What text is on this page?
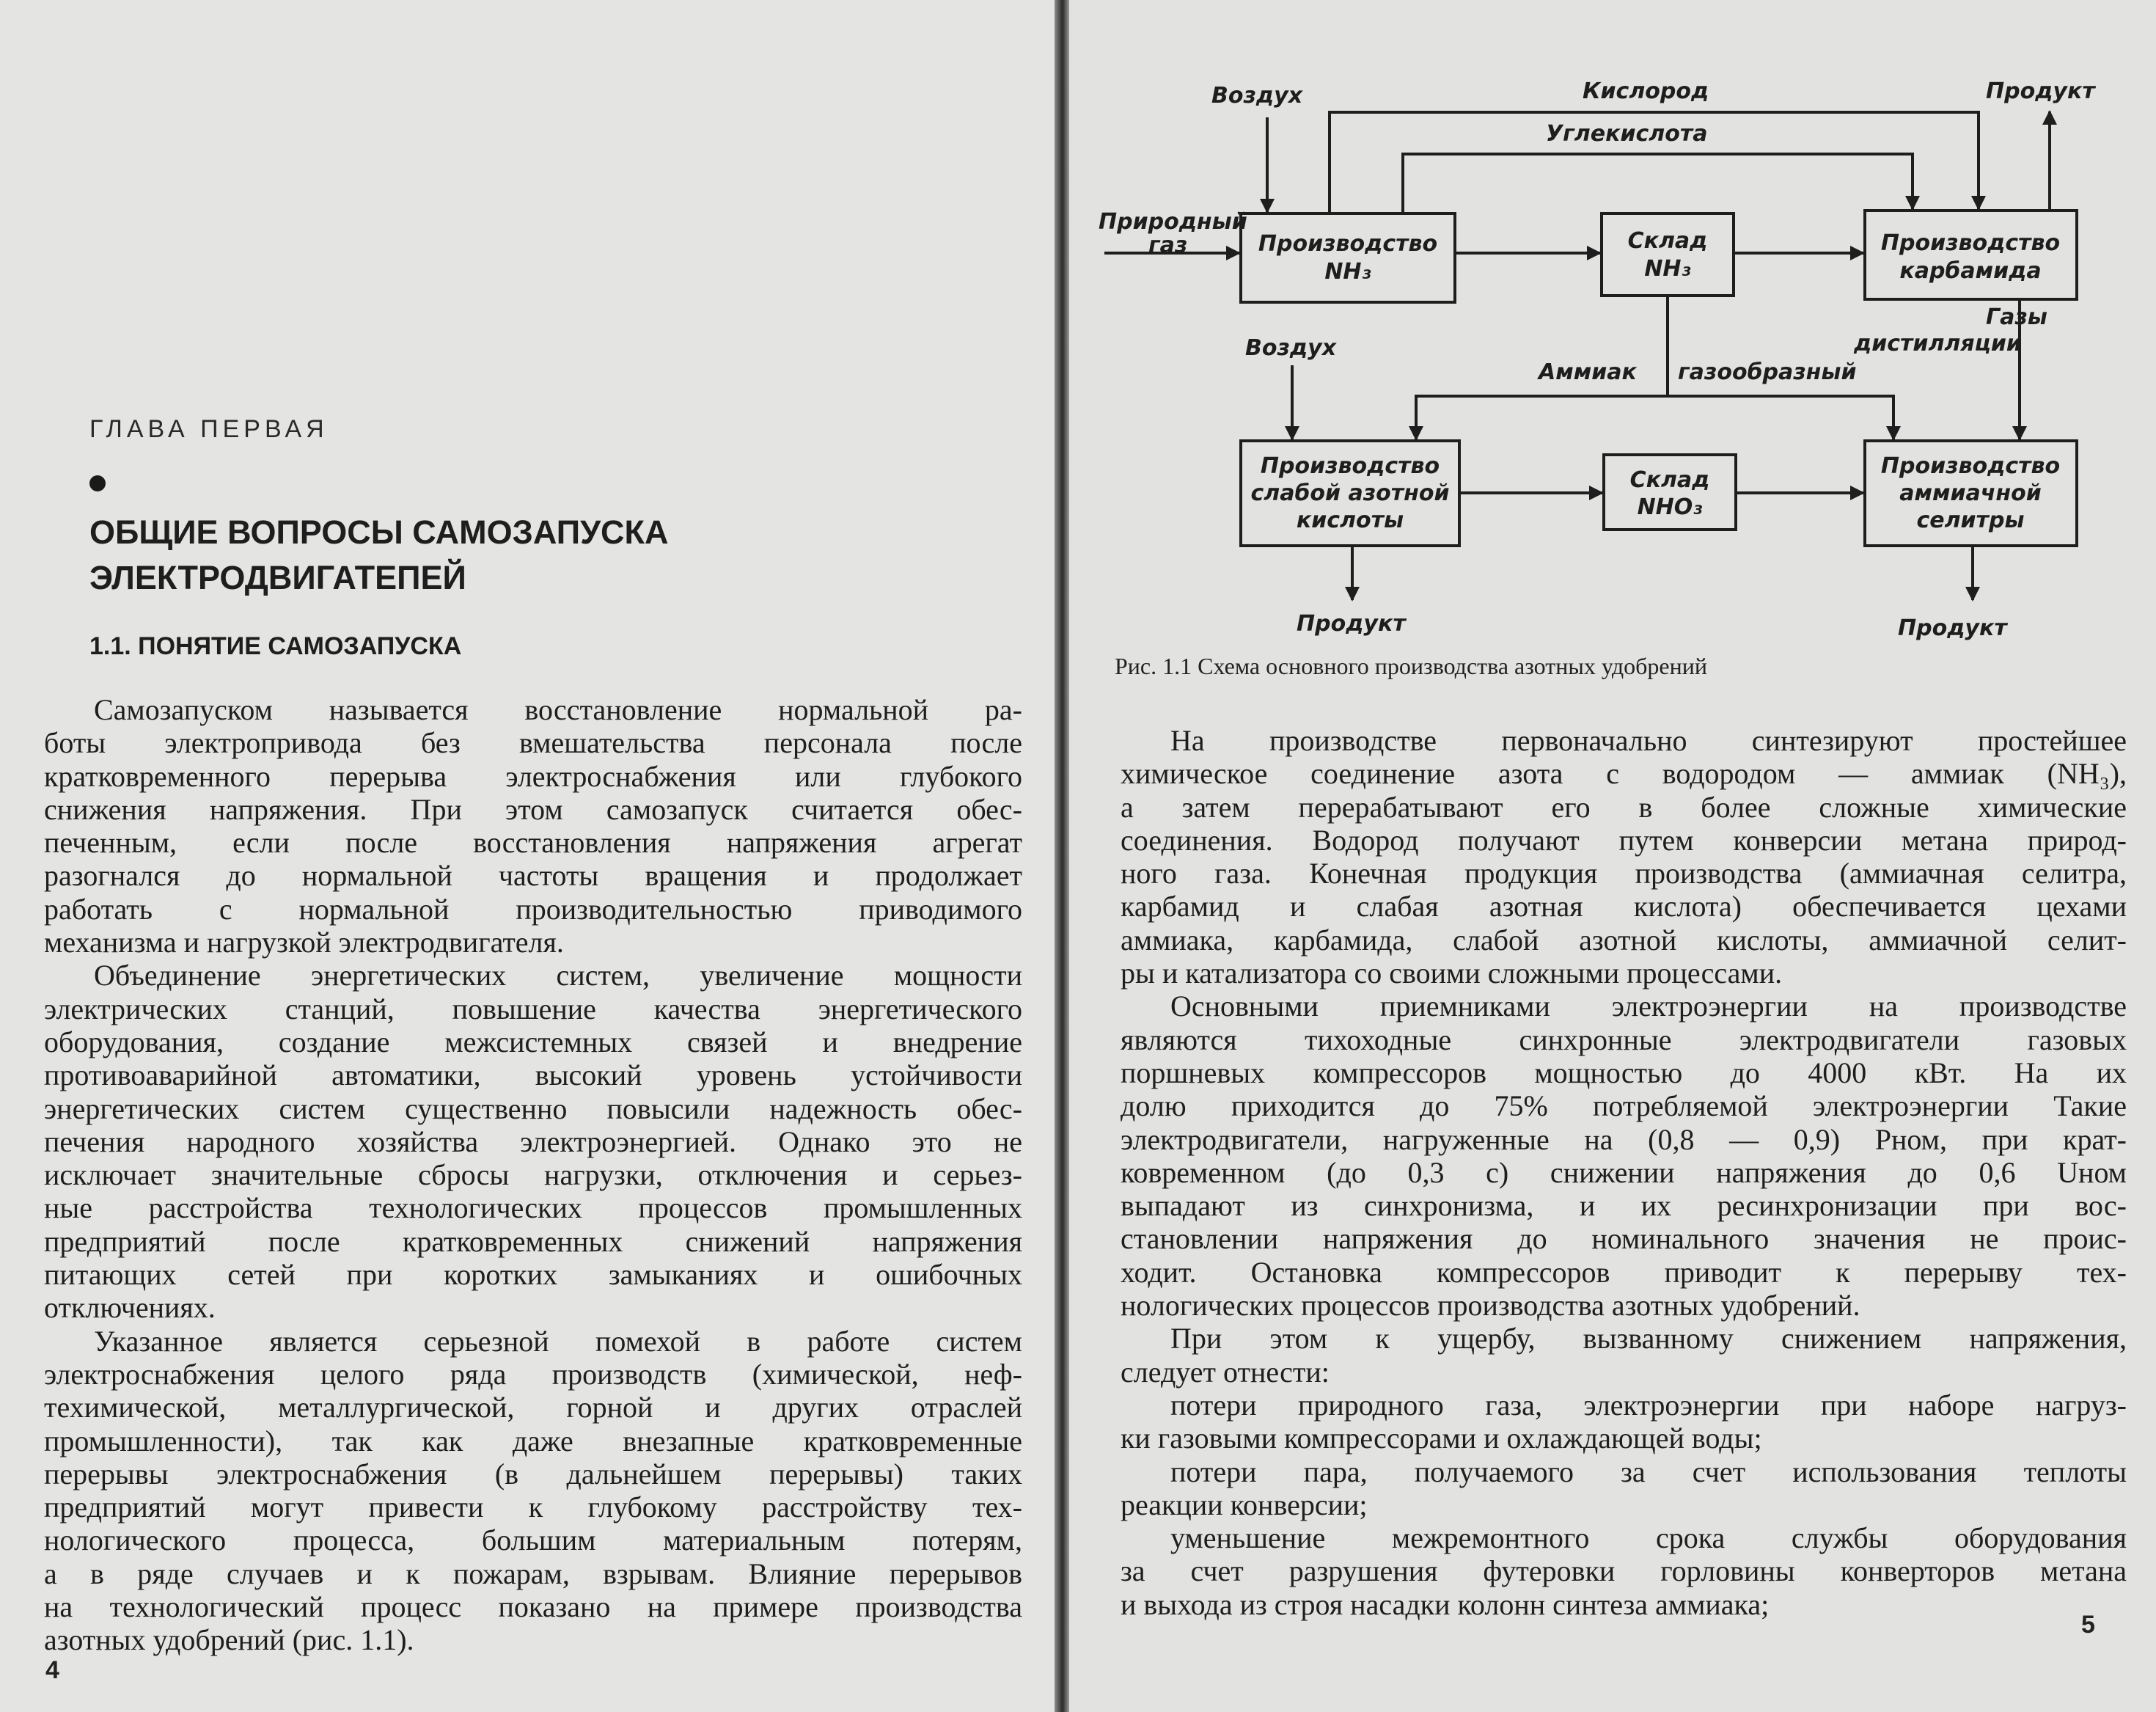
ГЛАВА ПЕРВАЯ
ОБЩИЕ ВОПРОСЫ САМОЗАПУСКА
ЭЛЕКТРОДВИГАТЕПЕЙ
1.1. ПОНЯТИЕ САМОЗАПУСКА

Самозапуском называется восстановление нормальной ра-
боты электропривода без вмешательства персонала после
кратковременного перерыва электроснабжения или глубокого
снижения напряжения. При этом самозапуск считается обес-
печенным, если после восстановления напряжения агрегат
разогнался до нормальной частоты вращения и продолжает
работать с нормальной производительностью приводимого
механизма и нагрузкой электродвигателя.

Объединение энергетических систем, увеличение мощности
электрических станций, повышение качества энергетического
оборудования, создание межсистемных связей и внедрение
противоаварийной автоматики, высокий уровень устойчивости
энергетических систем существенно повысили надежность обес-
печения народного хозяйства электроэнергией. Однако это не
исключает значительные сбросы нагрузки, отключения и серьез-
ные расстройства технологических процессов промышленных
предприятий после кратковременных снижений напряжения
питающих сетей при коротких замыканиях и ошибочных
отключениях.

Указанное является серьезной помехой в работе систем
электроснабжения целого ряда производств (химической, неф-
техимической, металлургической, горной и других отраслей
промышленности), так как даже внезапные кратковременные
перерывы электроснабжения (в дальнейшем перерывы) таких
предприятий могут привести к глубокому расстройству тех-
нологического процесса, большим материальным потерям,
а в ряде случаев и к пожарам, взрывам. Влияние перерывов
на технологический процесс показано на примере производства
азотных удобрений (рис. 1.1).

4
Производство
NH₃
Склад
NH₃
Производство
карбамида
Производство
слабой азотной
кислоты
Склад
NHO₃
Производство
аммиачной
селитры
Воздух	Кислород	Продукт
Углекислота
Природный
газ
Воздух
Аммиак газообразный
Газы
дистилляции
Продукт	Продукт
Рис. 1.1 Схема основного производства азотных удобрений

На производстве первоначально синтезируют простейшее
химическое соединение азота с водородом — аммиак (NH₃),
а затем перерабатывают его в более сложные химические
соединения. Водород получают путем конверсии метана природ-
ного газа. Конечная продукция производства (аммиачная селитра,
карбамид и слабая азотная кислота) обеспечивается цехами
аммиака, карбамида, слабой азотной кислоты, аммиачной селит-
ры и катализатора со своими сложными процессами.

Основными приемниками электроэнергии на производстве
являются тихоходные синхронные электродвигатели газовых
поршневых компрессоров мощностью до 4000 кВт. На их
долю приходится до 75% потребляемой электроэнергии Такие
электродвигатели, нагруженные на (0,8 — 0,9) Pном, при крат-
ковременном (до 0,3 с) снижении напряжения до 0,6 Uном
выпадают из синхронизма, и их ресинхронизации при вос-
становлении напряжения до номинального значения не проис-
ходит. Остановка компрессоров приводит к перерыву тех-
нологических процессов производства азотных удобрений.

При этом к ущербу, вызванному снижением напряжения,
следует отнести:

потери природного газа, электроэнергии при наборе нагруз-
ки газовыми компрессорами и охлаждающей воды;

потери пара, получаемого за счет использования теплоты
реакции конверсии;

уменьшение межремонтного срока службы оборудования
за счет разрушения футеровки горловины конверторов метана
и выхода из строя насадки колонн синтеза аммиака;

5
